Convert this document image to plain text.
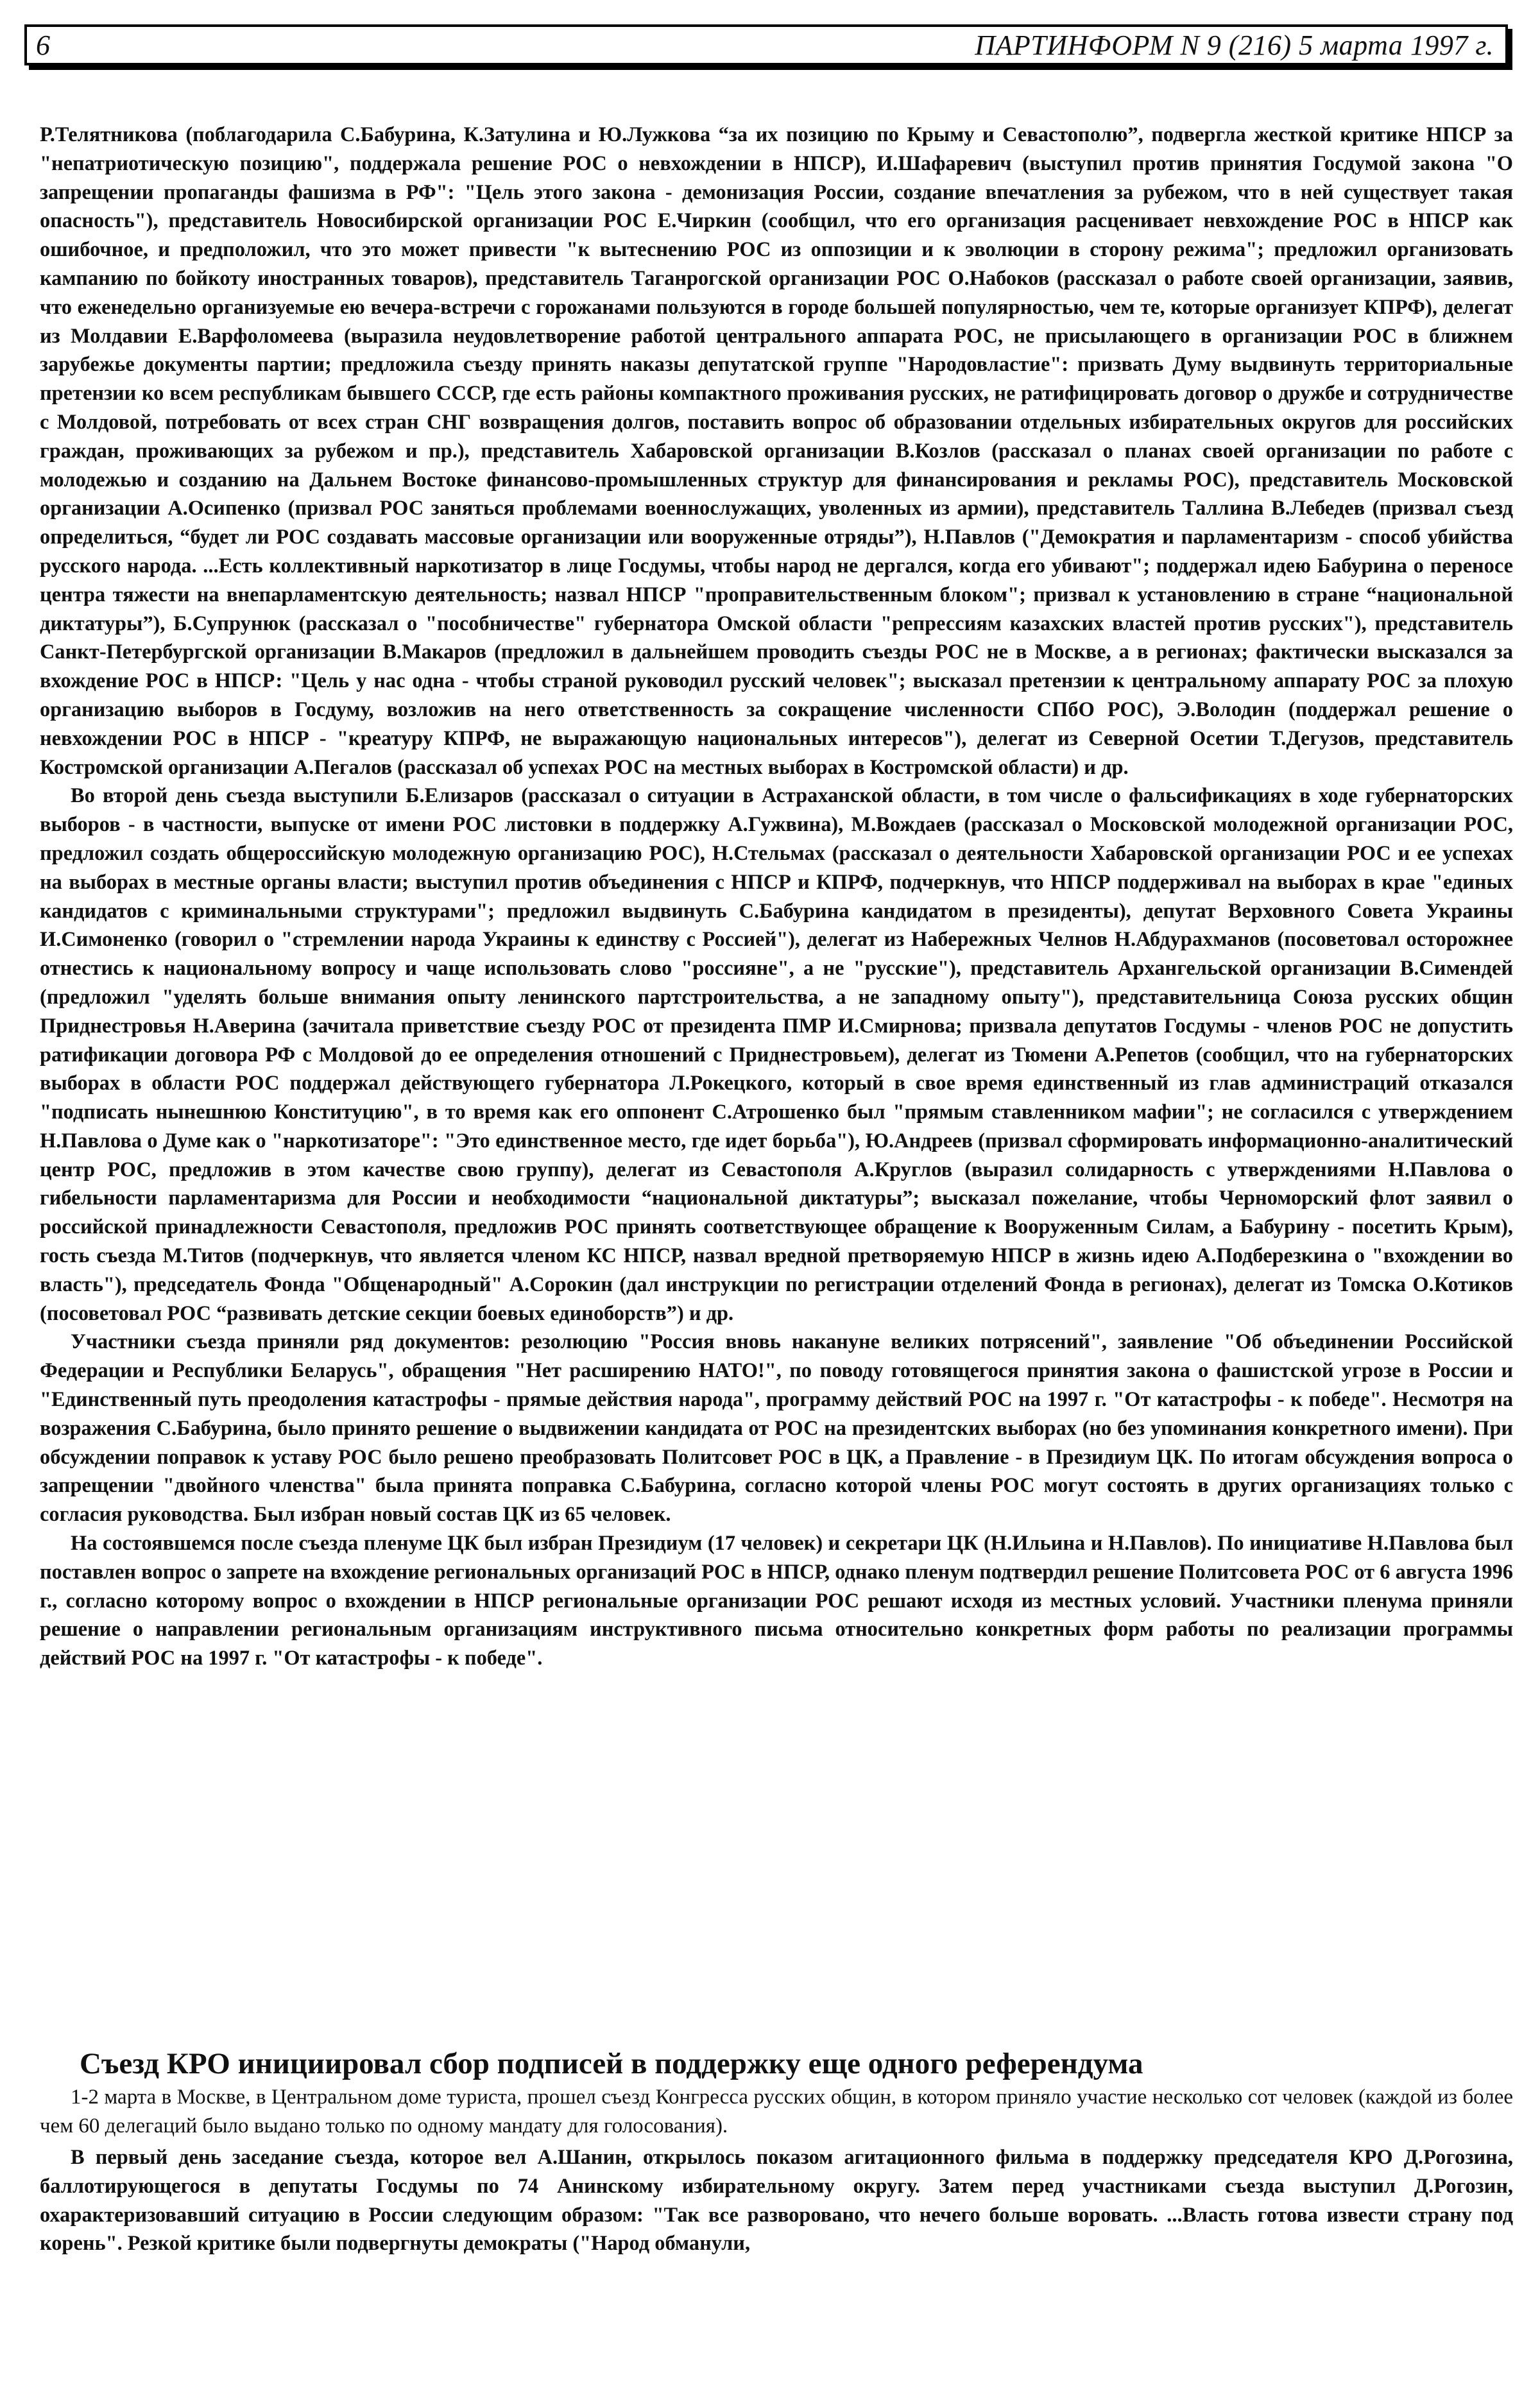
6	ПАРТИНФОРМ N 9 (216) 5 марта 1997 г.

Р.Телятникова (поблагодарила С.Бабурина, К.Затулина и Ю.Лужкова “за их позицию по Крыму и Севастополю”, подвергла жесткой критике НПСР за "непатриотическую позицию", поддержала решение РОС о невхождении в НПСР), И.Шафаревич (выступил против принятия Госдумой закона "О запрещении пропаганды фашизма в РФ": "Цель этого закона - демонизация России, создание впечатления за рубежом, что в ней существует такая опасность"), представитель Новосибирской организации РОС Е.Чиркин (сообщил, что его организация расценивает невхождение РОС в НПСР как ошибочное, и предположил, что это может привести "к вытеснению РОС из оппозиции и к эволюции в сторону режима"; предложил организовать кампанию по бойкоту иностранных товаров), представитель Таганрогской организации РОС О.Набоков (рассказал о работе своей организации, заявив, что еженедельно организуемые ею вечера-встречи с горожанами пользуются в городе большей популярностью, чем те, которые организует КПРФ), делегат из Молдавии Е.Варфоломеева (выразила неудовлетворение работой центрального аппарата РОС, не присылающего в организации РОС в ближнем зарубежье документы партии; предложила съезду принять наказы депутатской группе "Народовластие": призвать Думу выдвинуть территориальные претензии ко всем республикам бывшего СССР, где есть районы компактного проживания русских, не ратифицировать договор о дружбе и сотрудничестве с Молдовой, потребовать от всех стран СНГ возвращения долгов, поставить вопрос об образовании отдельных избирательных округов для российских граждан, проживающих за рубежом и пр.), представитель Хабаровской организации В.Козлов (рассказал о планах своей организации по работе с молодежью и созданию на Дальнем Востоке финансово-промышленных структур для финансирования и рекламы РОС), представитель Московской организации А.Осипенко (призвал РОС заняться проблемами военнослужащих, уволенных из армии), представитель Таллина В.Лебедев (призвал съезд определиться, “будет ли РОС создавать массовые организации или вооруженные отряды”), Н.Павлов ("Демократия и парламентаризм - способ убийства русского народа. ...Есть коллективный наркотизатор в лице Госдумы, чтобы народ не дергался, когда его убивают"; поддержал идею Бабурина о переносе центра тяжести на внепарламентскую деятельность; назвал НПСР "проправительственным блоком"; призвал к установлению в стране “национальной диктатуры”), Б.Супрунюк (рассказал о "пособничестве" губернатора Омской области "репрессиям казахских властей против русских"), представитель Санкт-Петербургской организации В.Макаров (предложил в дальнейшем проводить съезды РОС не в Москве, а в регионах; фактически высказался за вхождение РОС в НПСР: "Цель у нас одна - чтобы страной руководил русский человек"; высказал претензии к центральному аппарату РОС за плохую организацию выборов в Госдуму, возложив на него ответственность за сокращение численности СПбО РОС), Э.Володин (поддержал решение о невхождении РОС в НПСР - "креатуру КПРФ, не выражающую национальных интересов"), делегат из Северной Осетии Т.Дегузов, представитель Костромской организации А.Пегалов (рассказал об успехах РОС на местных выборах в Костромской области) и др.

Во второй день съезда выступили Б.Елизаров (рассказал о ситуации в Астраханской области, в том числе о фальсификациях в ходе губернаторских выборов - в частности, выпуске от имени РОС листовки в поддержку А.Гужвина), М.Вождаев (рассказал о Московской молодежной организации РОС, предложил создать общероссийскую молодежную организацию РОС), Н.Стельмах (рассказал о деятельности Хабаровской организации РОС и ее успехах на выборах в местные органы власти; выступил против объединения с НПСР и КПРФ, подчеркнув, что НПСР поддерживал на выборах в крае "единых кандидатов с криминальными структурами"; предложил выдвинуть С.Бабурина кандидатом в президенты), депутат Верховного Совета Украины И.Симоненко (говорил о "стремлении народа Украины к единству с Россией"), делегат из Набережных Челнов Н.Абдурахманов (посоветовал осторожнее отнестись к национальному вопросу и чаще использовать слово "россияне", а не "русские"), представитель Архангельской организации В.Симендей (предложил "уделять больше внимания опыту ленинского партстроительства, а не западному опыту"), представительница Союза русских общин Приднестровья Н.Аверина (зачитала приветствие съезду РОС от президента ПМР И.Смирнова; призвала депутатов Госдумы - членов РОС не допустить ратификации договора РФ с Молдовой до ее определения отношений с Приднестровьем), делегат из Тюмени А.Репетов (сообщил, что на губернаторских выборах в области РОС поддержал действующего губернатора Л.Рокецкого, который в свое время единственный из глав администраций отказался "подписать нынешнюю Конституцию", в то время как его оппонент С.Атрошенко был "прямым ставленником мафии"; не согласился с утверждением Н.Павлова о Думе как о "наркотизаторе": "Это единственное место, где идет борьба"), Ю.Андреев (призвал сформировать информационно-аналитический центр РОС, предложив в этом качестве свою группу), делегат из Севастополя А.Круглов (выразил солидарность с утверждениями Н.Павлова о гибельности парламентаризма для России и необходимости “национальной диктатуры”; высказал пожелание, чтобы Черноморский флот заявил о российской принадлежности Севастополя, предложив РОС принять соответствующее обращение к Вооруженным Силам, а Бабурину - посетить Крым), гость съезда М.Титов (подчеркнув, что является членом КС НПСР, назвал вредной претворяемую НПСР в жизнь идею А.Подберезкина о "вхождении во власть"), председатель Фонда "Общенародный" А.Сорокин (дал инструкции по регистрации отделений Фонда в регионах), делегат из Томска О.Котиков (посоветовал РОС “развивать детские секции боевых единоборств”) и др.

Участники съезда приняли ряд документов: резолюцию "Россия вновь накануне великих потрясений", заявление "Об объединении Российской Федерации и Республики Беларусь", обращения "Нет расширению НАТО!", по поводу готовящегося принятия закона о фашистской угрозе в России и "Единственный путь преодоления катастрофы - прямые действия народа", программу действий РОС на 1997 г. "От катастрофы - к победе". Несмотря на возражения С.Бабурина, было принято решение о выдвижении кандидата от РОС на президентских выборах (но без упоминания конкретного имени). При обсуждении поправок к уставу РОС было решено преобразовать Политсовет РОС в ЦК, а Правление - в Президиум ЦК. По итогам обсуждения вопроса о запрещении "двойного членства" была принята поправка С.Бабурина, согласно которой члены РОС могут состоять в других организациях только с согласия руководства. Был избран новый состав ЦК из 65 человек.

На состоявшемся после съезда пленуме ЦК был избран Президиум (17 человек) и секретари ЦК (Н.Ильина и Н.Павлов). По инициативе Н.Павлова был поставлен вопрос о запрете на вхождение региональных организаций РОС в НПСР, однако пленум подтвердил решение Политсовета РОС от 6 августа 1996 г., согласно которому вопрос о вхождении в НПСР региональные организации РОС решают исходя из местных условий. Участники пленума приняли решение о направлении региональным организациям инструктивного письма относительно конкретных форм работы по реализации программы действий РОС на 1997 г. "От катастрофы - к победе".

Съезд КРО инициировал сбор подписей в поддержку еще одного референдума

1-2 марта в Москве, в Центральном доме туриста, прошел съезд Конгресса русских общин, в котором приняло участие несколько сот человек (каждой из более чем 60 делегаций было выдано только по одному мандату для голосования).

В первый день заседание съезда, которое вел А.Шанин, открылось показом агитационного фильма в поддержку председателя КРО Д.Рогозина, баллотирующегося в депутаты Госдумы по 74 Анинскому избирательному округу. Затем перед участниками съезда выступил Д.Рогозин, охарактеризовавший ситуацию в России следующим образом: "Так все разворовано, что нечего больше воровать. ...Власть готова извести страну под корень". Резкой критике были подвергнуты демократы ("Народ обманули,
